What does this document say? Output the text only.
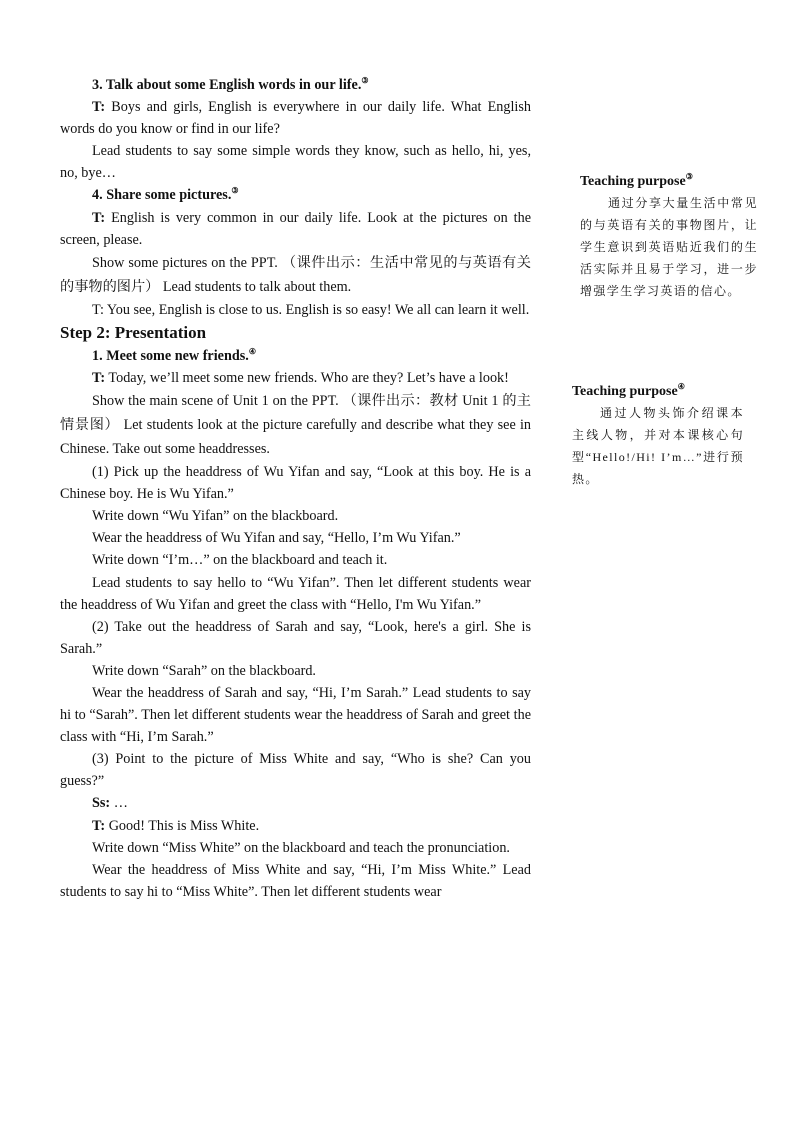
3. Talk about some English words in our life.③

T: Boys and girls, English is everywhere in our daily life. What English words do you know or find in our life?

Lead students to say some simple words they know, such as hello, hi, yes, no, bye…

4. Share some pictures.③

T: English is very common in our daily life. Look at the pictures on the screen, please.

Show some pictures on the PPT. （课件出示：生活中常见的与英语有关的事物的图片） Lead students to talk about them.

T: You see, English is close to us. English is so easy! We all can learn it well.

Step 2: Presentation

1. Meet some new friends.④

T: Today, we’ll meet some new friends. Who are they? Let’s have a look!

Show the main scene of Unit 1 on the PPT. （课件出示：教材 Unit 1 的主情景图） Let students look at the picture carefully and describe what they see in Chinese. Take out some headdresses.

(1) Pick up the headdress of Wu Yifan and say, “Look at this boy. He is a Chinese boy. He is Wu Yifan.”

Write down “Wu Yifan” on the blackboard.

Wear the headdress of Wu Yifan and say, “Hello, I’m Wu Yifan.”

Write down “I’m…” on the blackboard and teach it.

Lead students to say hello to “Wu Yifan”. Then let different students wear the headdress of Wu Yifan and greet the class with “Hello, I'm Wu Yifan.”

(2) Take out the headdress of Sarah and say, “Look, here's a girl. She is Sarah.”

Write down “Sarah” on the blackboard.

Wear the headdress of Sarah and say, “Hi, I’m Sarah.” Lead students to say hi to “Sarah”. Then let different students wear the headdress of Sarah and greet the class with “Hi, I’m Sarah.”

(3) Point to the picture of Miss White and say, “Who is she? Can you guess?”

Ss: …

T: Good! This is Miss White.

Write down “Miss White” on the blackboard and teach the pronunciation.

Wear the headdress of Miss White and say, “Hi, I’m Miss White.” Lead students to say hi to “Miss White”. Then let different students wear

Teaching purpose③

通过分享大量生活中常见的与英语有关的事物图片，让学生意识到英语贴近我们的生活实际并且易于学习，进一步增强学生学习英语的信心。

Teaching purpose④

通过人物头饰介绍课本主线人物，并对本课核心句型“Hello!/Hi! I’m…”进行预热。
